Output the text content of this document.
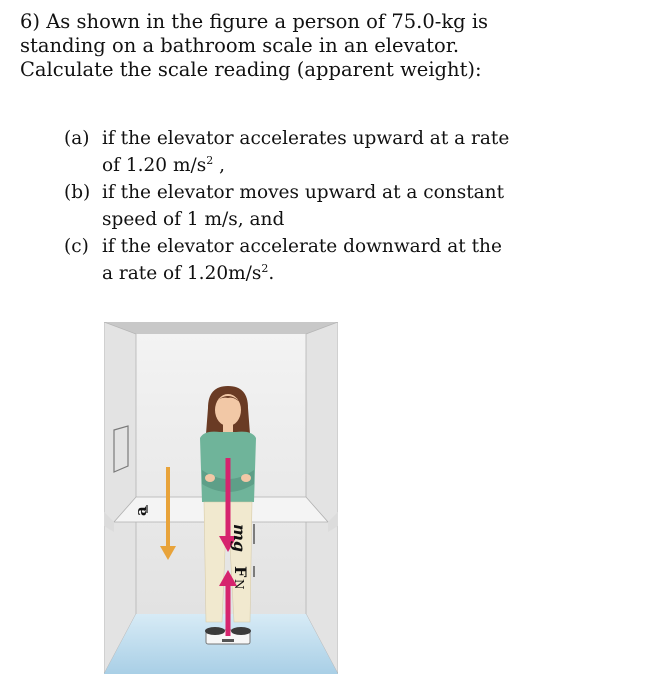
6) As shown in the figure a person of 75.0-kg is

standing on a bathroom scale in an elevator.

Calculate the scale reading (apparent weight):

(a) if the elevator accelerates upward at a rate
of 1.20 $m/s^2$ ,
(b) if the elevator moves upward at a constant
speed of 1 m/s, and
(c) if the elevator accelerate downward at the
a rate of $1.20m/s^2$.
a
mg
F
N
